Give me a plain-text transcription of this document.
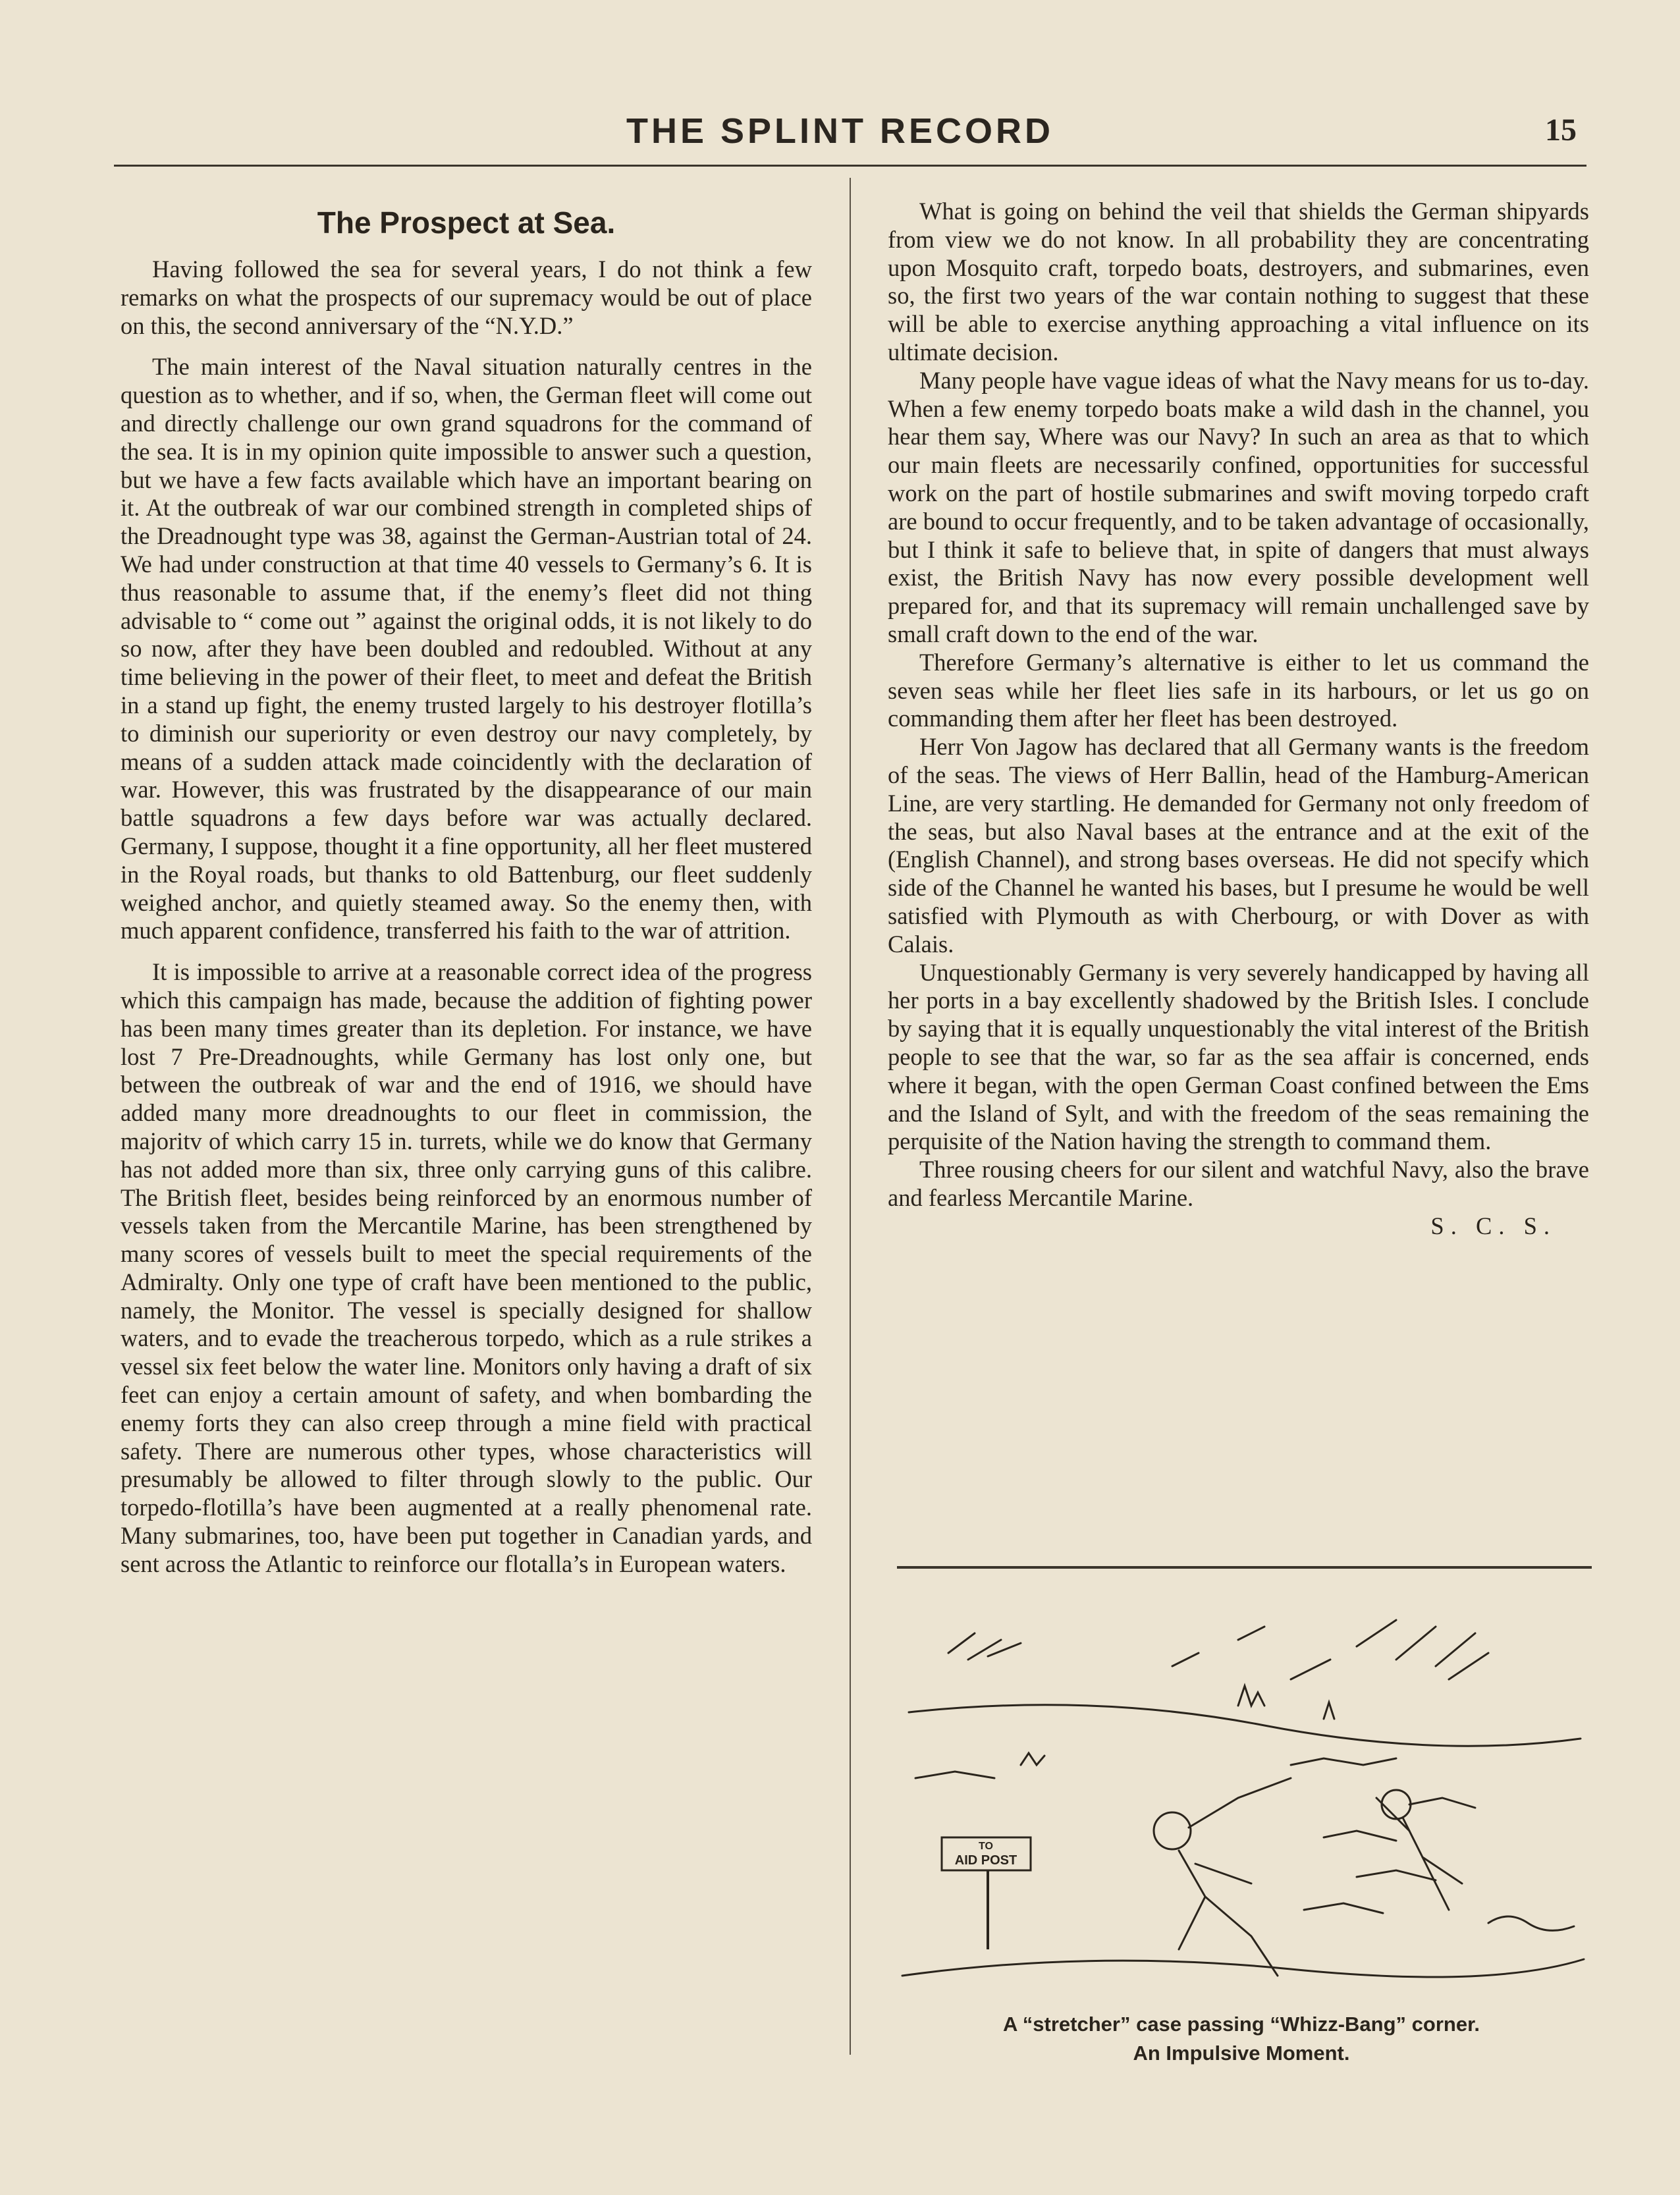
THE SPLINT RECORD	15
The Prospect at Sea.

Having followed the sea for several years, I do not think a few remarks on what the prospects of our supremacy would be out of place on this, the second anniversary of the “N.Y.D.”

The main interest of the Naval situation naturally centres in the question as to whether, and if so, when, the German fleet will come out and directly challenge our own grand squadrons for the command of the sea. It is in my opinion quite impossible to answer such a question, but we have a few facts available which have an important bearing on it. At the outbreak of war our combined strength in completed ships of the Dreadnought type was 38, against the German-Austrian total of 24. We had under construction at that time 40 vessels to Germany’s 6. It is thus reasonable to assume that, if the enemy’s fleet did not thing advisable to “ come out ” against the original odds, it is not likely to do so now, after they have been doubled and redoubled. Without at any time believing in the power of their fleet, to meet and defeat the British in a stand up fight, the enemy trusted largely to his destroyer flotilla’s to diminish our superiority or even destroy our navy completely, by means of a sudden attack made coincidently with the declaration of war. However, this was frustrated by the disappearance of our main battle squadrons a few days before war was actually declared. Germany, I suppose, thought it a fine opportunity, all her fleet mustered in the Royal roads, but thanks to old Battenburg, our fleet suddenly weighed anchor, and quietly steamed away. So the enemy then, with much apparent confidence, transferred his faith to the war of attrition.

It is impossible to arrive at a reasonable correct idea of the progress which this campaign has made, because the addition of fighting power has been many times greater than its depletion. For instance, we have lost 7 Pre-Dreadnoughts, while Germany has lost only one, but between the outbreak of war and the end of 1916, we should have added many more dreadnoughts to our fleet in commission, the majoritv of which carry 15 in. turrets, while we do know that Germany has not added more than six, three only carrying guns of this calibre. The British fleet, besides being reinforced by an enormous number of vessels taken from the Mercantile Marine, has been strengthened by many scores of vessels built to meet the special requirements of the Admiralty. Only one type of craft have been mentioned to the public, namely, the Monitor. The vessel is specially designed for shallow waters, and to evade the treacherous torpedo, which as a rule strikes a vessel six feet below the water line. Monitors only having a draft of six feet can enjoy a certain amount of safety, and when bombarding the enemy forts they can also creep through a mine field with practical safety. There are numerous other types, whose characteristics will presumably be allowed to filter through slowly to the public. Our torpedo-flotilla’s have been augmented at a really phenomenal rate. Many submarines, too, have been put together in Canadian yards, and sent across the Atlantic to reinforce our flotalla’s in European waters.

What is going on behind the veil that shields the German shipyards from view we do not know. In all probability they are concentrating upon Mosquito craft, torpedo boats, destroyers, and submarines, even so, the first two years of the war contain nothing to suggest that these will be able to exercise anything approaching a vital influence on its ultimate decision.

Many people have vague ideas of what the Navy means for us to-day. When a few enemy torpedo boats make a wild dash in the channel, you hear them say, Where was our Navy? In such an area as that to which our main fleets are necessarily confined, opportunities for successful work on the part of hostile submarines and swift moving torpedo craft are bound to occur frequently, and to be taken advantage of occasionally, but I think it safe to believe that, in spite of dangers that must always exist, the British Navy has now every possible development well prepared for, and that its supremacy will remain unchallenged save by small craft down to the end of the war.

Therefore Germany’s alternative is either to let us command the seven seas while her fleet lies safe in its harbours, or let us go on commanding them after her fleet has been destroyed.

Herr Von Jagow has declared that all Germany wants is the freedom of the seas. The views of Herr Ballin, head of the Hamburg-American Line, are very startling. He demanded for Germany not only freedom of the seas, but also Naval bases at the entrance and at the exit of the (English Channel), and strong bases overseas. He did not specify which side of the Channel he wanted his bases, but I presume he would be well satisfied with Plymouth as with Cherbourg, or with Dover as with Calais.

Unquestionably Germany is very severely handicapped by having all her ports in a bay excellently shadowed by the British Isles. I conclude by saying that it is equally unquestionably the vital interest of the British people to see that the war, so far as the sea affair is concerned, ends where it began, with the open German Coast confined between the Ems and the Island of Sylt, and with the freedom of the seas remaining the perquisite of the Nation having the strength to command them.

Three rousing cheers for our silent and watchful Navy, also the brave and fearless Mercantile Marine.

S. C. S.

TO
AID POST
A “stretcher” case passing “Whizz-Bang” corner.
An Impulsive Moment.
